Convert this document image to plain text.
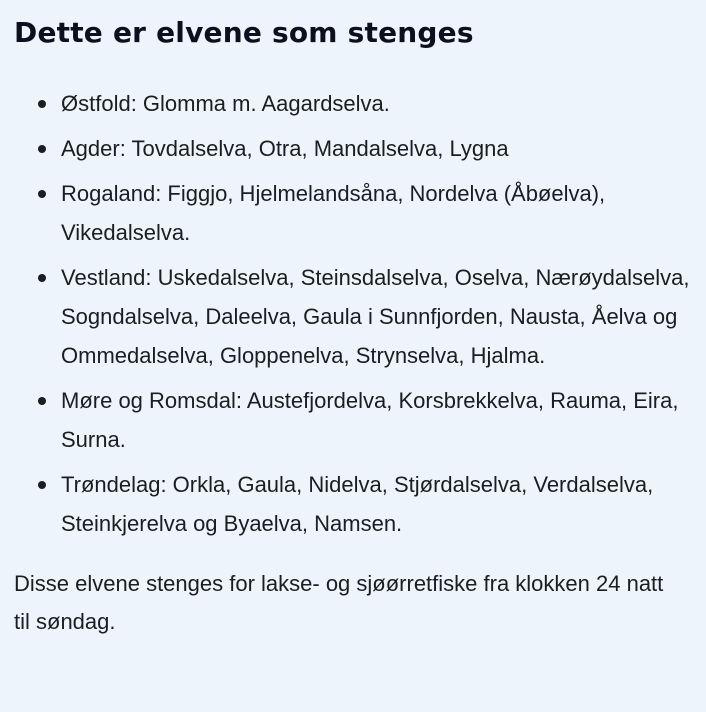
Dette er elvene som stenges
Østfold: Glomma m. Aagardselva.
Agder: Tovdalselva, Otra, Mandalselva, Lygna
Rogaland: Figgjo, Hjelmelandsåna, Nordelva (Åbøelva), Vikedalselva.
Vestland: Uskedalselva, Steinsdalselva, Oselva, Nærøydalselva, Sogndalselva, Daleelva, Gaula i Sunnfjorden, Nausta, Åelva og Ommedalselva, Gloppenelva, Strynselva, Hjalma.
Møre og Romsdal: Austefjordelva, Korsbrekkelva, Rauma, Eira, Surna.
Trøndelag: Orkla, Gaula, Nidelva, Stjørdalselva, Verdalselva, Steinkjerelva og Byaelva, Namsen.

Disse elvene stenges for lakse- og sjøørretfiske fra klokken 24 natt til søndag.
